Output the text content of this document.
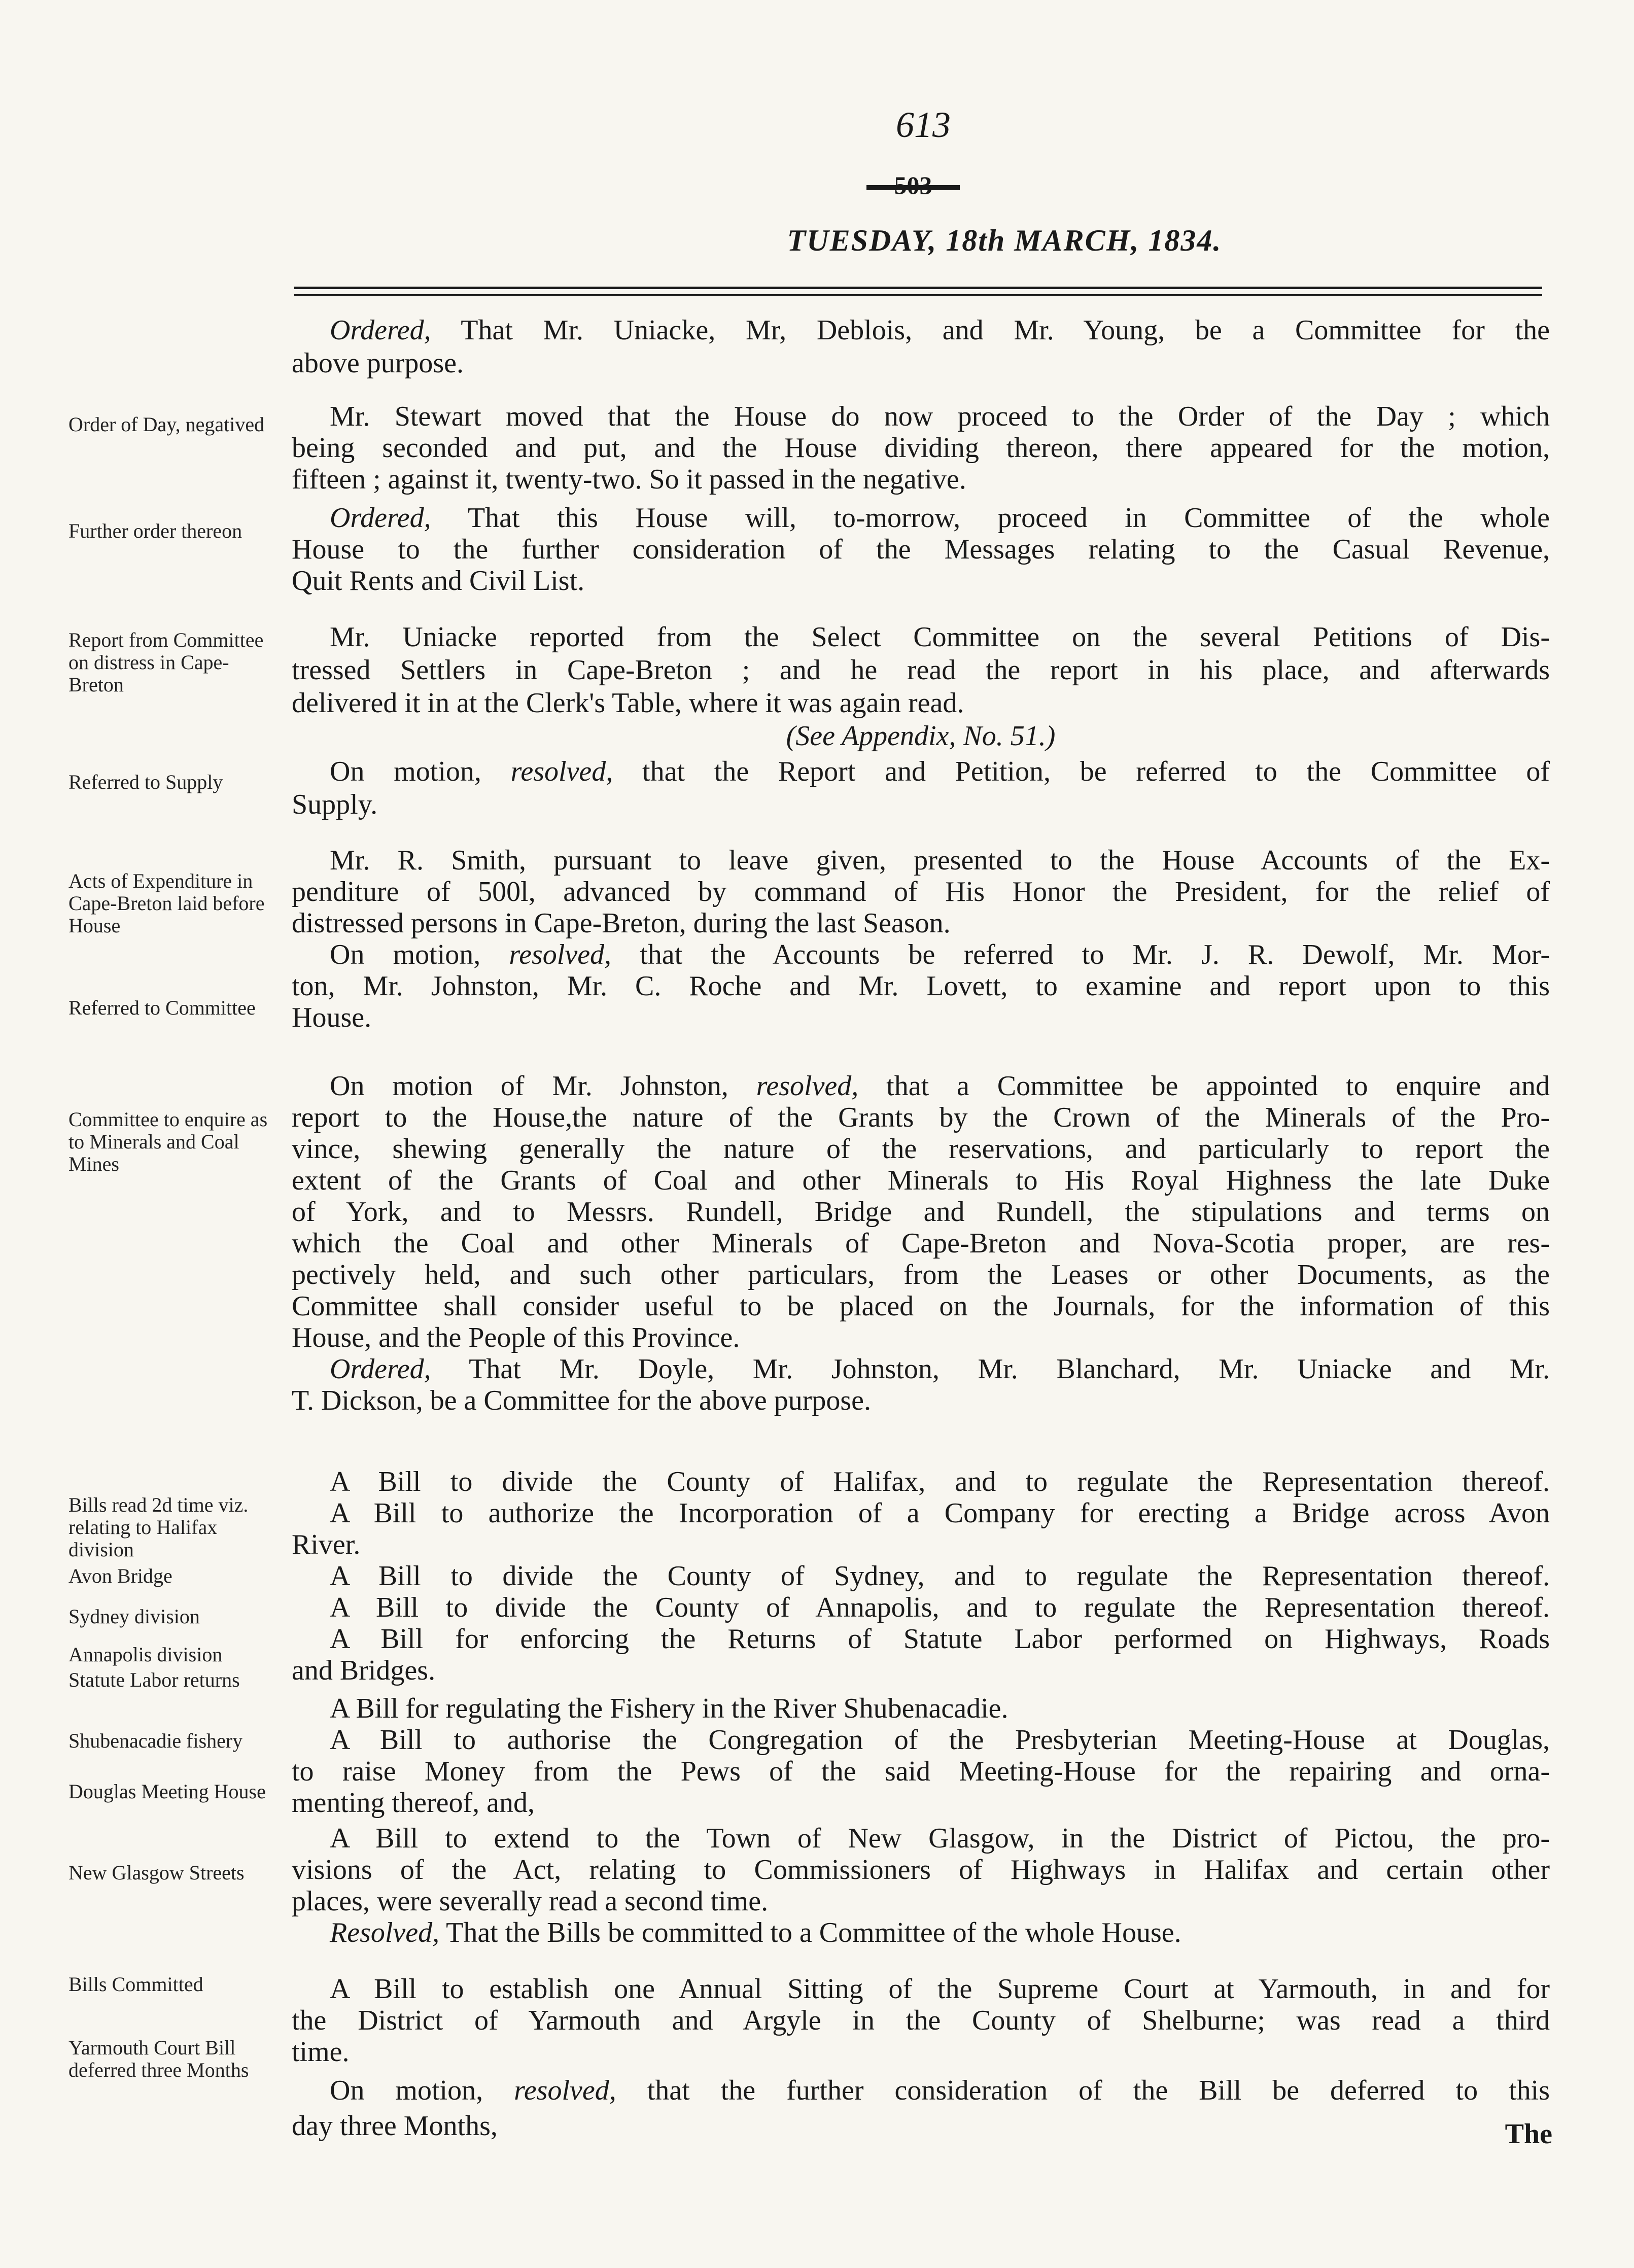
613
503
TUESDAY, 18th MARCH, 1834.
Order of Day, negatived
Further order thereon
Report from Committee on distress in Cape-Breton
Referred to Supply
Acts of Expenditure in Cape-Breton laid before House
Referred to Committee
Committee to enquire as to Minerals and Coal Mines
Bills read 2d time viz. relating to Halifax division
Avon Bridge
Sydney division
Annapolis division
Statute Labor returns
Shubenacadie fishery
Douglas Meeting House
New Glasgow Streets
Bills Committed
Yarmouth Court Bill deferred three Months
Ordered, That Mr. Uniacke, Mr, Deblois, and Mr. Young, be a Committee for the
above purpose.
Mr. Stewart moved that the House do now proceed to the Order of the Day ; which
being seconded and put, and the House dividing thereon, there appeared for the motion,
fifteen ; against it, twenty-two. So it passed in the negative.
Ordered, That this House will, to-morrow, proceed in Committee of the whole
House to the further consideration of the Messages relating to the Casual Revenue,
Quit Rents and Civil List.
Mr. Uniacke reported from the Select Committee on the several Petitions of Dis-
tressed Settlers in Cape-Breton ; and he read the report in his place, and afterwards
delivered it in at the Clerk's Table, where it was again read.
(See Appendix, No. 51.)
On motion, resolved, that the Report and Petition, be referred to the Committee of
Supply.
Mr. R. Smith, pursuant to leave given, presented to the House Accounts of the Ex-
penditure of 500l, advanced by command of His Honor the President, for the relief of
distressed persons in Cape-Breton, during the last Season.
On motion, resolved, that the Accounts be referred to Mr. J. R. Dewolf, Mr. Mor-
ton, Mr. Johnston, Mr. C. Roche and Mr. Lovett, to examine and report upon to this
House.
On motion of Mr. Johnston, resolved, that a Committee be appointed to enquire and
report to the House,the nature of the Grants by the Crown of the Minerals of the Pro-
vince, shewing generally the nature of the reservations, and particularly to report the
extent of the Grants of Coal and other Minerals to His Royal Highness the late Duke
of York, and to Messrs. Rundell, Bridge and Rundell, the stipulations and terms on
which the Coal and other Minerals of Cape-Breton and Nova-Scotia proper, are res-
pectively held, and such other particulars, from the Leases or other Documents, as the
Committee shall consider useful to be placed on the Journals, for the information of this
House, and the People of this Province.
Ordered, That Mr. Doyle, Mr. Johnston, Mr. Blanchard, Mr. Uniacke and Mr.
T. Dickson, be a Committee for the above purpose.
A Bill to divide the County of Halifax, and to regulate the Representation thereof.
A Bill to authorize the Incorporation of a Company for erecting a Bridge across Avon
River.
A Bill to divide the County of Sydney, and to regulate the Representation thereof.
A Bill to divide the County of Annapolis, and to regulate the Representation thereof.
A Bill for enforcing the Returns of Statute Labor performed on Highways, Roads
and Bridges.
A Bill for regulating the Fishery in the River Shubenacadie.
A Bill to authorise the Congregation of the Presbyterian Meeting-House at Douglas,
to raise Money from the Pews of the said Meeting-House for the repairing and orna-
menting thereof, and,
A Bill to extend to the Town of New Glasgow, in the District of Pictou, the pro-
visions of the Act, relating to Commissioners of Highways in Halifax and certain other
places, were severally read a second time.
Resolved, That the Bills be committed to a Committee of the whole House.
A Bill to establish one Annual Sitting of the Supreme Court at Yarmouth, in and for
the District of Yarmouth and Argyle in the County of Shelburne; was read a third
time.
On motion, resolved, that the further consideration of the Bill be deferred to this
day three Months,	The
